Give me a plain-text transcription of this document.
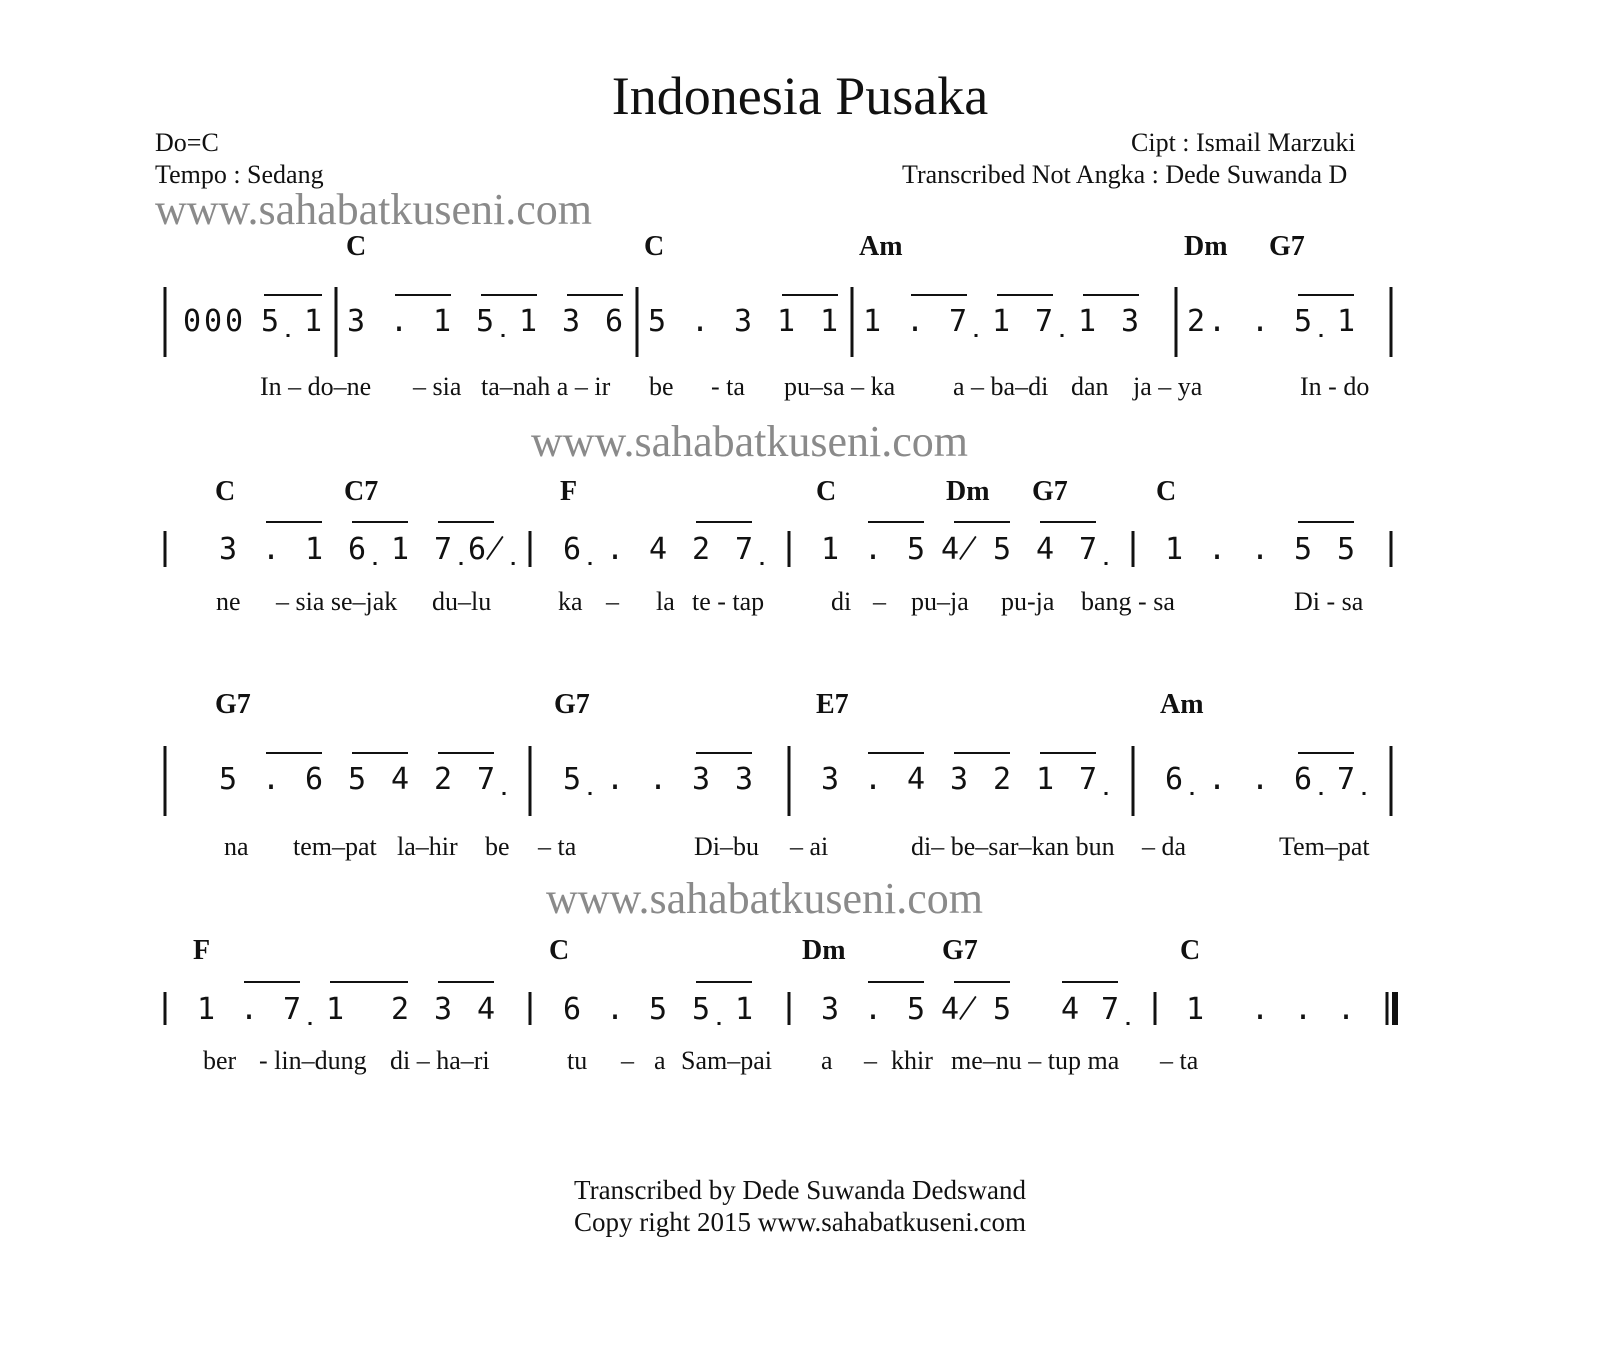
Indonesia Pusaka
Do=C
Tempo : Sedang
Cipt : Ismail Marzuki
Transcribed Not Angka : Dede Suwanda D
www.sahabatkuseni.com
www.sahabatkuseni.com
www.sahabatkuseni.com
C	C	Am	Dm G7
0 0 0 5̣ 1 3 . 1 5̣ 1 3 6 5 . 3 1 1 1 . 7̣ 1 7̣ 1 3 2 . . 5̣ 1
In – do–ne – sia ta–nah a – ir be - ta pu–sa – ka a – ba–di dan ja – ya	In - do
C	C7	F	C	Dm G7	C
3 . 1 6̣ 1 7̣ 6̸̣ 6̣ . 4 2 7̣ 1 . 5 4̸ 5 4 7̣ 1 . . 5 5
ne – sia se–jak du–lu	ka – la te - tap	di – pu–ja pu-ja bang - sa	Di - sa
G7	G7	E7	Am
5 . 6 5 4 2 7̣ 5̣ . . 3 3 3 . 4 3 2 1 7̣ 6̣ . . 6̣ 7̣
na tem–pat la–hir be – ta	Di–bu – ai	di– be–sar–kan bun – da	Tem–pat
F	C	Dm	G7	C
1 . 7̣ 1 2 3 4 6 . 5 5̣ 1 3 . 5 4̸ 5 4 7̣ 1 . . .
ber - lin–dung di – ha–ri	tu – a Sam–pai a – khir me–nu – tup ma – ta
Transcribed by Dede Suwanda Dedswand
Copy right 2015 www.sahabatkuseni.com
